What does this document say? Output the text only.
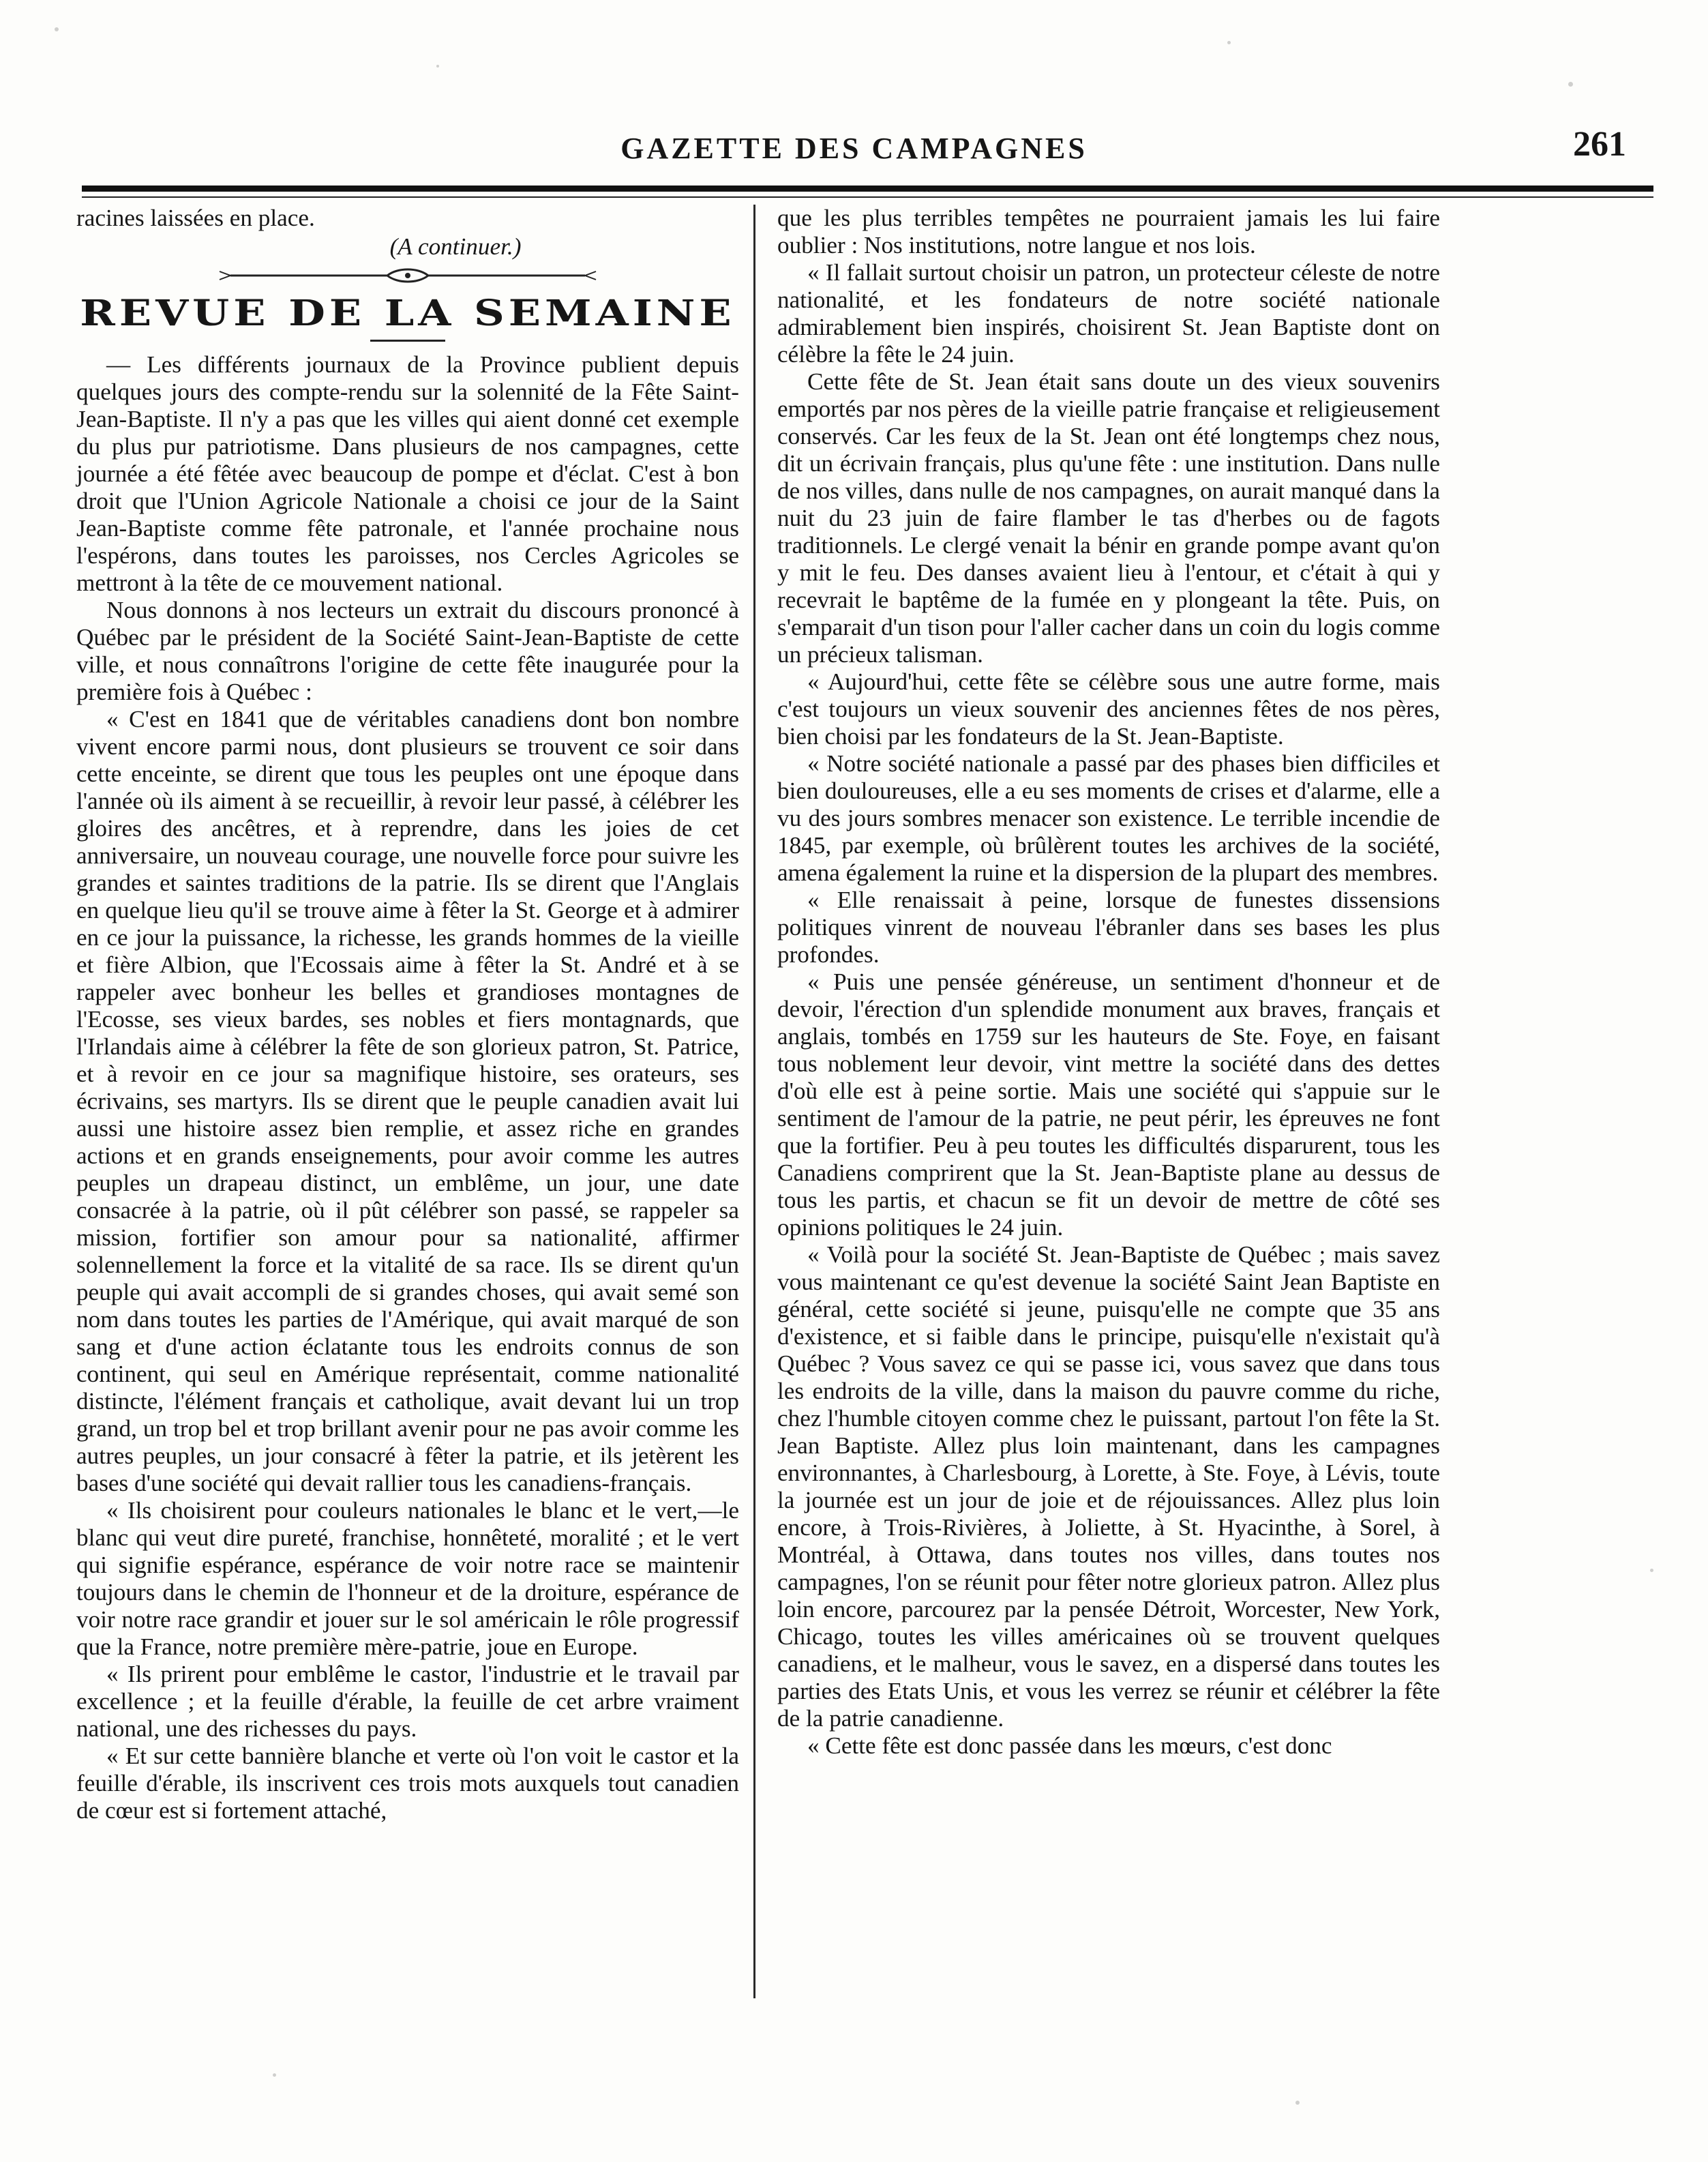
GAZETTE DES CAMPAGNES	261

racines laissées en place.

(A continuer.)
REVUE DE LA SEMAINE

— Les différents journaux de la Province publient depuis quelques jours des compte-rendu sur la solennité de la Fête Saint-Jean-Baptiste. Il n'y a pas que les villes qui aient donné cet exemple du plus pur patriotisme. Dans plusieurs de nos campagnes, cette journée a été fêtée avec beaucoup de pompe et d'éclat. C'est à bon droit que l'Union Agricole Nationale a choisi ce jour de la Saint Jean-Baptiste comme fête patronale, et l'année prochaine nous l'espérons, dans toutes les paroisses, nos Cercles Agricoles se mettront à la tête de ce mouvement national.

Nous donnons à nos lecteurs un extrait du discours prononcé à Québec par le président de la Société Saint-Jean-Baptiste de cette ville, et nous connaîtrons l'origine de cette fête inaugurée pour la première fois à Québec :

« C'est en 1841 que de véritables canadiens dont bon nombre vivent encore parmi nous, dont plusieurs se trouvent ce soir dans cette enceinte, se dirent que tous les peuples ont une époque dans l'année où ils aiment à se recueillir, à revoir leur passé, à célébrer les gloires des ancêtres, et à reprendre, dans les joies de cet anniversaire, un nouveau courage, une nouvelle force pour suivre les grandes et saintes traditions de la patrie. Ils se dirent que l'Anglais en quelque lieu qu'il se trouve aime à fêter la St. George et à admirer en ce jour la puissance, la richesse, les grands hommes de la vieille et fière Albion, que l'Ecossais aime à fêter la St. André et à se rappeler avec bonheur les belles et grandioses montagnes de l'Ecosse, ses vieux bardes, ses nobles et fiers montagnards, que l'Irlandais aime à célébrer la fête de son glorieux patron, St. Patrice, et à revoir en ce jour sa magnifique histoire, ses orateurs, ses écrivains, ses martyrs. Ils se dirent que le peuple canadien avait lui aussi une histoire assez bien remplie, et assez riche en grandes actions et en grands enseignements, pour avoir comme les autres peuples un drapeau distinct, un emblême, un jour, une date consacrée à la patrie, où il pût célébrer son passé, se rappeler sa mission, fortifier son amour pour sa nationalité, affirmer solennellement la force et la vitalité de sa race. Ils se dirent qu'un peuple qui avait accompli de si grandes choses, qui avait semé son nom dans toutes les parties de l'Amérique, qui avait marqué de son sang et d'une action éclatante tous les endroits connus de son continent, qui seul en Amérique représentait, comme nationalité distincte, l'élément français et catholique, avait devant lui un trop grand, un trop bel et trop brillant avenir pour ne pas avoir comme les autres peuples, un jour consacré à fêter la patrie, et ils jetèrent les bases d'une société qui devait rallier tous les canadiens-français.

« Ils choisirent pour couleurs nationales le blanc et le vert,—le blanc qui veut dire pureté, franchise, honnêteté, moralité ; et le vert qui signifie espérance, espérance de voir notre race se maintenir toujours dans le chemin de l'honneur et de la droiture, espérance de voir notre race grandir et jouer sur le sol américain le rôle progressif que la France, notre première mère-patrie, joue en Europe.

« Ils prirent pour emblême le castor, l'industrie et le travail par excellence ; et la feuille d'érable, la feuille de cet arbre vraiment national, une des richesses du pays.

« Et sur cette bannière blanche et verte où l'on voit le castor et la feuille d'érable, ils inscrivent ces trois mots auxquels tout canadien de cœur est si fortement attaché,

que les plus terribles tempêtes ne pourraient jamais les lui faire oublier : Nos institutions, notre langue et nos lois.

« Il fallait surtout choisir un patron, un protecteur céleste de notre nationalité, et les fondateurs de notre société nationale admirablement bien inspirés, choisirent St. Jean Baptiste dont on célèbre la fête le 24 juin.

Cette fête de St. Jean était sans doute un des vieux souvenirs emportés par nos pères de la vieille patrie française et religieusement conservés. Car les feux de la St. Jean ont été longtemps chez nous, dit un écrivain français, plus qu'une fête : une institution. Dans nulle de nos villes, dans nulle de nos campagnes, on aurait manqué dans la nuit du 23 juin de faire flamber le tas d'herbes ou de fagots traditionnels. Le clergé venait la bénir en grande pompe avant qu'on y mit le feu. Des danses avaient lieu à l'entour, et c'était à qui y recevrait le baptême de la fumée en y plongeant la tête. Puis, on s'emparait d'un tison pour l'aller cacher dans un coin du logis comme un précieux talisman.

« Aujourd'hui, cette fête se célèbre sous une autre forme, mais c'est toujours un vieux souvenir des anciennes fêtes de nos pères, bien choisi par les fondateurs de la St. Jean-Baptiste.

« Notre société nationale a passé par des phases bien difficiles et bien douloureuses, elle a eu ses moments de crises et d'alarme, elle a vu des jours sombres menacer son existence. Le terrible incendie de 1845, par exemple, où brûlèrent toutes les archives de la société, amena également la ruine et la dispersion de la plupart des membres.

« Elle renaissait à peine, lorsque de funestes dissensions politiques vinrent de nouveau l'ébranler dans ses bases les plus profondes.

« Puis une pensée généreuse, un sentiment d'honneur et de devoir, l'érection d'un splendide monument aux braves, français et anglais, tombés en 1759 sur les hauteurs de Ste. Foye, en faisant tous noblement leur devoir, vint mettre la société dans des dettes d'où elle est à peine sortie. Mais une société qui s'appuie sur le sentiment de l'amour de la patrie, ne peut périr, les épreuves ne font que la fortifier. Peu à peu toutes les difficultés disparurent, tous les Canadiens comprirent que la St. Jean-Baptiste plane au dessus de tous les partis, et chacun se fit un devoir de mettre de côté ses opinions politiques le 24 juin.

« Voilà pour la société St. Jean-Baptiste de Québec ; mais savez vous maintenant ce qu'est devenue la société Saint Jean Baptiste en général, cette société si jeune, puisqu'elle ne compte que 35 ans d'existence, et si faible dans le principe, puisqu'elle n'existait qu'à Québec ? Vous savez ce qui se passe ici, vous savez que dans tous les endroits de la ville, dans la maison du pauvre comme du riche, chez l'humble citoyen comme chez le puissant, partout l'on fête la St. Jean Baptiste. Allez plus loin maintenant, dans les campagnes environnantes, à Charlesbourg, à Lorette, à Ste. Foye, à Lévis, toute la journée est un jour de joie et de réjouissances. Allez plus loin encore, à Trois-Rivières, à Joliette, à St. Hyacinthe, à Sorel, à Montréal, à Ottawa, dans toutes nos villes, dans toutes nos campagnes, l'on se réunit pour fêter notre glorieux patron. Allez plus loin encore, parcourez par la pensée Détroit, Worcester, New York, Chicago, toutes les villes américaines où se trouvent quelques canadiens, et le malheur, vous le savez, en a dispersé dans toutes les parties des Etats Unis, et vous les verrez se réunir et célébrer la fête de la patrie canadienne.

« Cette fête est donc passée dans les mœurs, c'est donc
